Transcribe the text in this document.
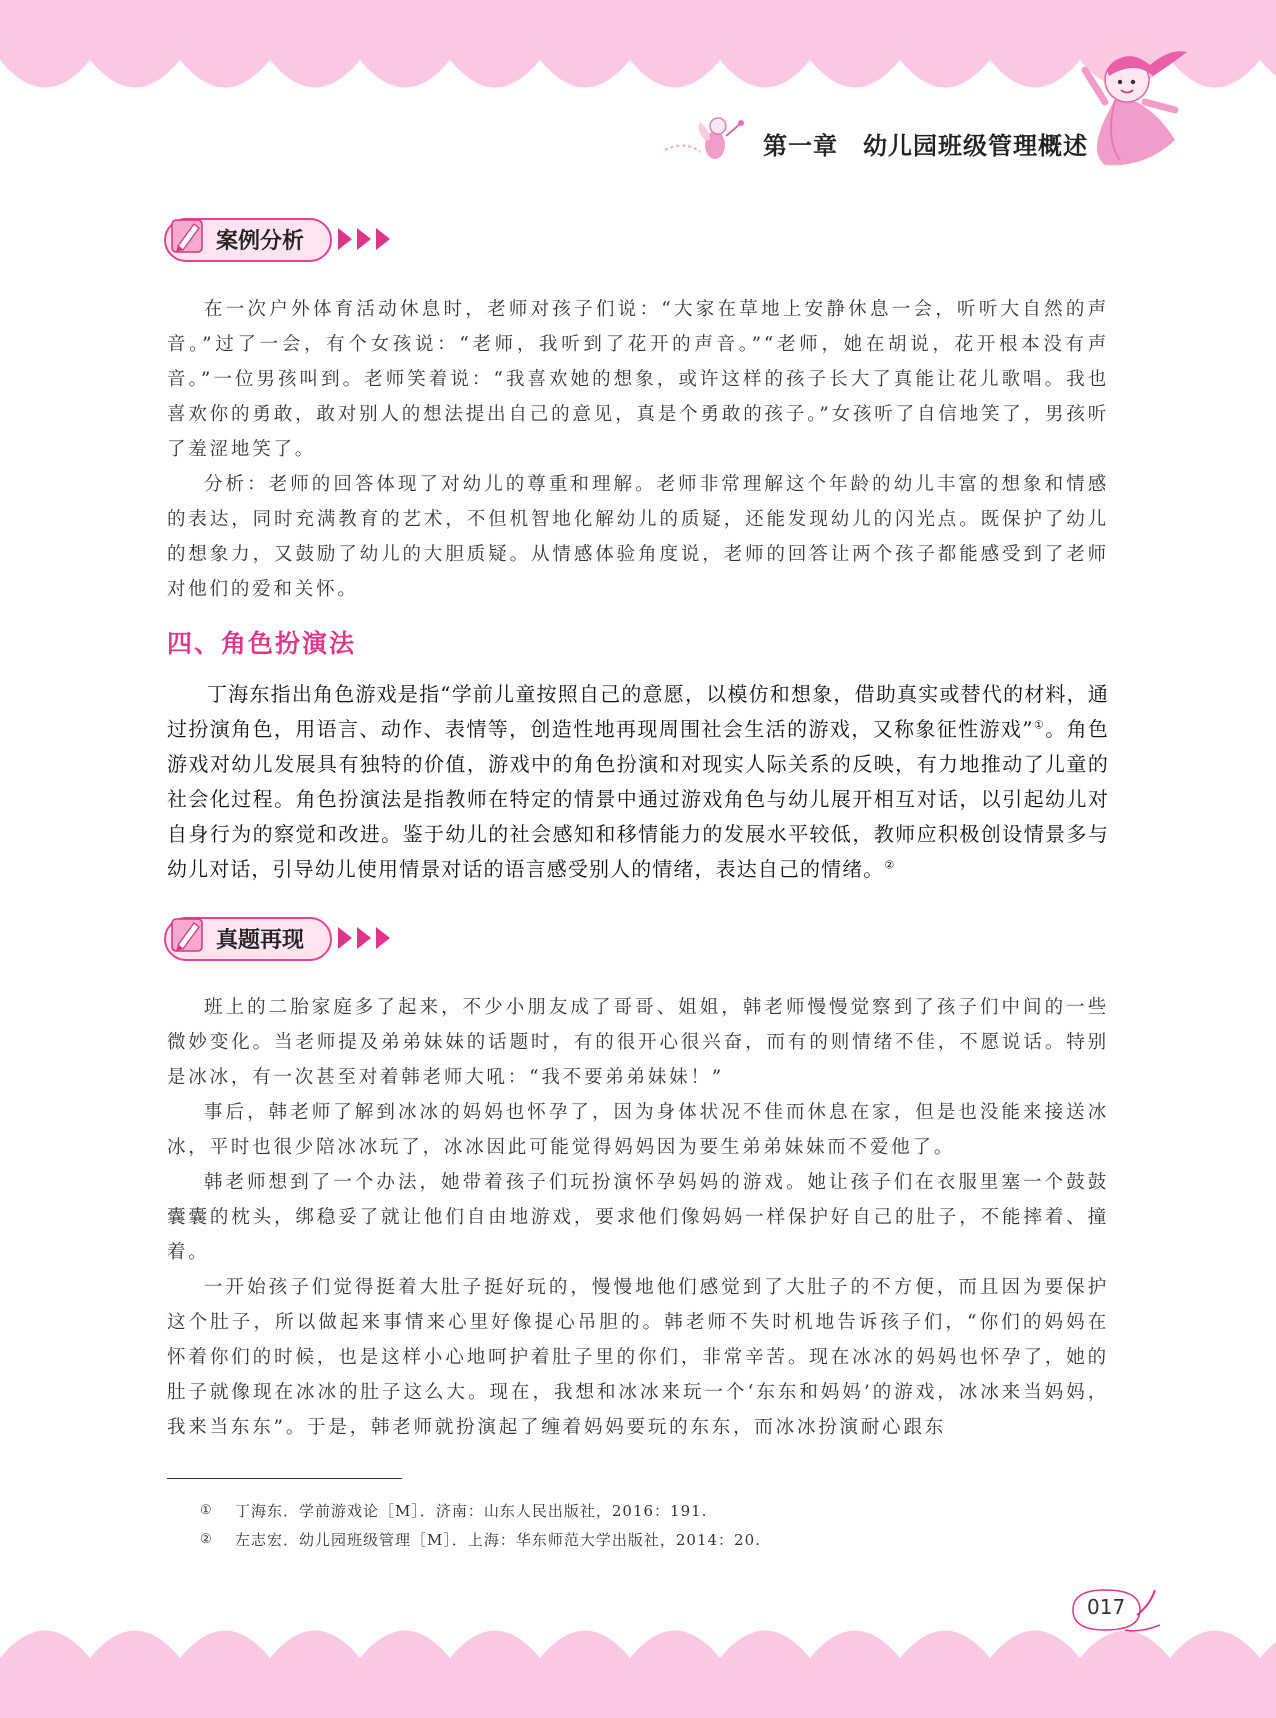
第一章　幼儿园班级管理概述
案例分析

在一次户外体育活动休息时，老师对孩子们说：“大家在草地上安静休息一会，听听大自然的声音。”过了一会，有个女孩说：“老师，我听到了花开的声音。”“老师，她在胡说，花开根本没有声音。”一位男孩叫到。老师笑着说：“我喜欢她的想象，或许这样的孩子长大了真能让花儿歌唱。我也喜欢你的勇敢，敢对别人的想法提出自己的意见，真是个勇敢的孩子。”女孩听了自信地笑了，男孩听了羞涩地笑了。

分析：老师的回答体现了对幼儿的尊重和理解。老师非常理解这个年龄的幼儿丰富的想象和情感的表达，同时充满教育的艺术，不但机智地化解幼儿的质疑，还能发现幼儿的闪光点。既保护了幼儿的想象力，又鼓励了幼儿的大胆质疑。从情感体验角度说，老师的回答让两个孩子都能感受到了老师对他们的爱和关怀。

四、角色扮演法

丁海东指出角色游戏是指“学前儿童按照自己的意愿，以模仿和想象，借助真实或替代的材料，通过扮演角色，用语言、动作、表情等，创造性地再现周围社会生活的游戏，又称象征性游戏”①。角色游戏对幼儿发展具有独特的价值，游戏中的角色扮演和对现实人际关系的反映，有力地推动了儿童的社会化过程。角色扮演法是指教师在特定的情景中通过游戏角色与幼儿展开相互对话，以引起幼儿对自身行为的察觉和改进。鉴于幼儿的社会感知和移情能力的发展水平较低，教师应积极创设情景多与幼儿对话，引导幼儿使用情景对话的语言感受别人的情绪，表达自己的情绪。②

真题再现

班上的二胎家庭多了起来，不少小朋友成了哥哥、姐姐，韩老师慢慢觉察到了孩子们中间的一些微妙变化。当老师提及弟弟妹妹的话题时，有的很开心很兴奋，而有的则情绪不佳，不愿说话。特别是冰冰，有一次甚至对着韩老师大吼：“我不要弟弟妹妹！”

事后，韩老师了解到冰冰的妈妈也怀孕了，因为身体状况不佳而休息在家，但是也没能来接送冰冰，平时也很少陪冰冰玩了，冰冰因此可能觉得妈妈因为要生弟弟妹妹而不爱他了。

韩老师想到了一个办法，她带着孩子们玩扮演怀孕妈妈的游戏。她让孩子们在衣服里塞一个鼓鼓囊囊的枕头，绑稳妥了就让他们自由地游戏，要求他们像妈妈一样保护好自己的肚子，不能摔着、撞着。

一开始孩子们觉得挺着大肚子挺好玩的，慢慢地他们感觉到了大肚子的不方便，而且因为要保护这个肚子，所以做起来事情来心里好像提心吊胆的。韩老师不失时机地告诉孩子们，“你们的妈妈在怀着你们的时候，也是这样小心地呵护着肚子里的你们，非常辛苦。现在冰冰的妈妈也怀孕了，她的肚子就像现在冰冰的肚子这么大。现在，我想和冰冰来玩一个‘东东和妈妈’的游戏，冰冰来当妈妈，我来当东东”。于是，韩老师就扮演起了缠着妈妈要玩的东东，而冰冰扮演耐心跟东

① 丁海东．学前游戏论［M］．济南：山东人民出版社，2016：191.
② 左志宏．幼儿园班级管理［M］．上海：华东师范大学出版社，2014：20.
017
